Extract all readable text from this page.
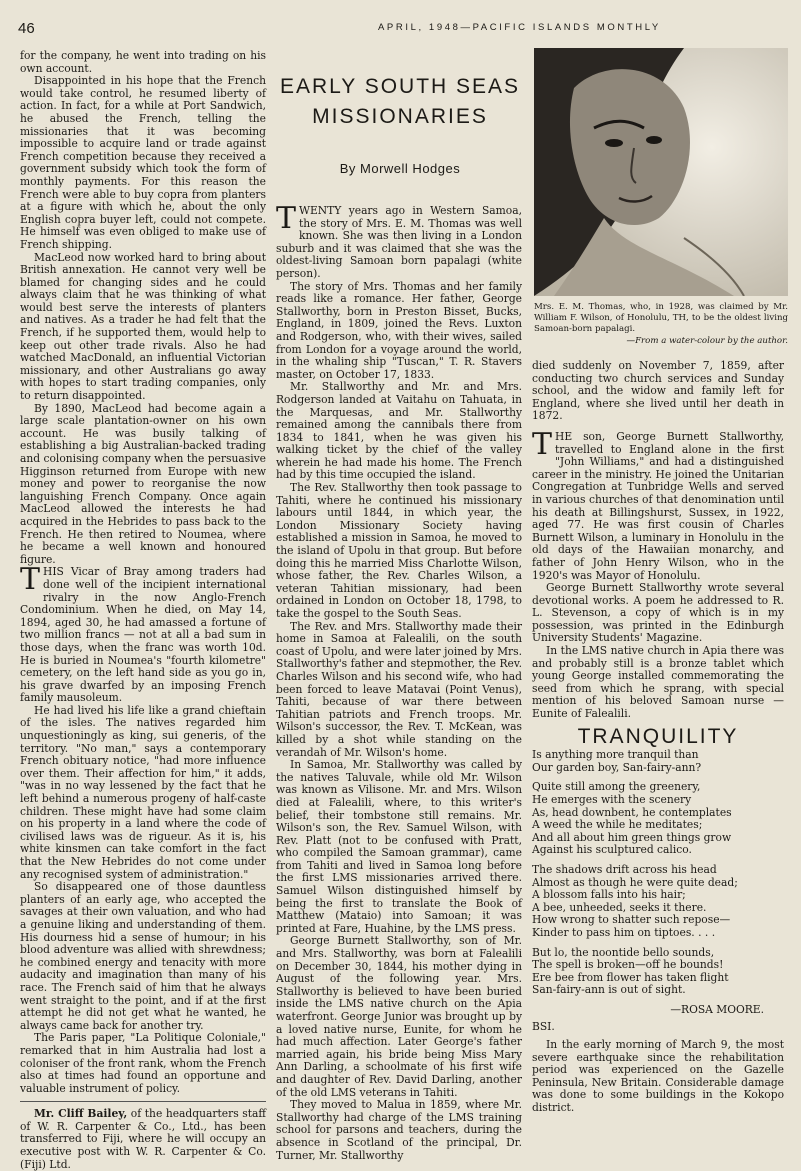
46	APRIL, 1948—PACIFIC ISLANDS MONTHLY

for the company, he went into trading on his own account.

Disappointed in his hope that the French would take control, he resumed liberty of action. In fact, for a while at Port Sandwich, he abused the French, telling the missionaries that it was becoming impossible to acquire land or trade against French competition because they received a government subsidy which took the form of monthly payments. For this reason the French were able to buy copra from planters at a figure with which he, about the only English copra buyer left, could not compete. He himself was even obliged to make use of French shipping.

MacLeod now worked hard to bring about British annexation. He cannot very well be blamed for changing sides and he could always claim that he was thinking of what would best serve the interests of planters and natives. As a trader he had felt that the French, if he supported them, would help to keep out other trade rivals. Also he had watched MacDonald, an influential Victorian missionary, and other Australians go away with hopes to start trading companies, only to return disappointed.

By 1890, MacLeod had become again a large scale plantation-owner on his own account. He was busily talking of establishing a big Australian-backed trading and colonising company when the persuasive Higginson returned from Europe with new money and power to reorganise the now languishing French Company. Once again MacLeod allowed the interests he had acquired in the Hebrides to pass back to the French. He then retired to Noumea, where he became a well known and honoured figure.

THIS Vicar of Bray among traders had done well of the incipient international rivalry in the now Anglo-French Condominium. When he died, on May 14, 1894, aged 30, he had amassed a fortune of two million francs — not at all a bad sum in those days, when the franc was worth 10d. He is buried in Noumea's "fourth kilometre" cemetery, on the left hand side as you go in, his grave dwarfed by an imposing French family mausoleum.

He had lived his life like a grand chieftain of the isles. The natives regarded him unquestioningly as king, sui generis, of the territory. "No man," says a contemporary French obituary notice, "had more influence over them. Their affection for him," it adds, "was in no way lessened by the fact that he left behind a numerous progeny of half-caste children. These might have had some claim on his property in a land where the code of civilised laws was de rigueur. As it is, his white kinsmen can take comfort in the fact that the New Hebrides do not come under any recognised system of administration."

So disappeared one of those dauntless planters of an early age, who accepted the savages at their own valuation, and who had a genuine liking and understanding of them. His dourness hid a sense of humour; in his blood adventure was allied with shrewdness; he combined energy and tenacity with more audacity and imagination than many of his race. The French said of him that he always went straight to the point, and if at the first attempt he did not get what he wanted, he always came back for another try.

The Paris paper, "La Politique Coloniale," remarked that in him Australia had lost a coloniser of the front rank, whom the French also at times had found an opportune and valuable instrument of policy.

Mr. Cliff Bailey, of the headquarters staff of W. R. Carpenter & Co., Ltd., has been transferred to Fiji, where he will occupy an executive post with W. R. Carpenter & Co. (Fiji) Ltd.

EARLY SOUTH SEAS MISSIONARIES
By Morwell Hodges

TWENTY years ago in Western Samoa, the story of Mrs. E. M. Thomas was well known. She was then living in a London suburb and it was claimed that she was the oldest-living Samoan born papalagi (white person).

The story of Mrs. Thomas and her family reads like a romance. Her father, George Stallworthy, born in Preston Bisset, Bucks, England, in 1809, joined the Revs. Luxton and Rodgerson, who, with their wives, sailed from London for a voyage around the world, in the whaling ship "Tuscan," T. R. Stavers master, on October 17, 1833.

Mr. Stallworthy and Mr. and Mrs. Rodgerson landed at Vaitahu on Tahuata, in the Marquesas, and Mr. Stallworthy remained among the cannibals there from 1834 to 1841, when he was given his walking ticket by the chief of the valley wherein he had made his home. The French had by this time occupied the island.

The Rev. Stallworthy then took passage to Tahiti, where he continued his missionary labours until 1844, in which year, the London Missionary Society having established a mission in Samoa, he moved to the island of Upolu in that group. But before doing this he married Miss Charlotte Wilson, whose father, the Rev. Charles Wilson, a veteran Tahitian missionary, had been ordained in London on October 18, 1798, to take the gospel to the South Seas.

The Rev. and Mrs. Stallworthy made their home in Samoa at Falealili, on the south coast of Upolu, and were later joined by Mrs. Stallworthy's father and stepmother, the Rev. Charles Wilson and his second wife, who had been forced to leave Matavai (Point Venus), Tahiti, because of war there between Tahitian patriots and French troops. Mr. Wilson's successor, the Rev. T. McKean, was killed by a shot while standing on the verandah of Mr. Wilson's home.

In Samoa, Mr. Stallworthy was called by the natives Taluvale, while old Mr. Wilson was known as Vilisone. Mr. and Mrs. Wilson died at Falealili, where, to this writer's belief, their tombstone still remains. Mr. Wilson's son, the Rev. Samuel Wilson, with Rev. Platt (not to be confused with Pratt, who compiled the Samoan grammar), came from Tahiti and lived in Samoa long before the first LMS missionaries arrived there. Samuel Wilson distinguished himself by being the first to translate the Book of Matthew (Mataio) into Samoan; it was printed at Fare, Huahine, by the LMS press.

George Burnett Stallworthy, son of Mr. and Mrs. Stallworthy, was born at Falealili on December 30, 1844, his mother dying in August of the following year. Mrs. Stallworthy is believed to have been buried inside the LMS native church on the Apia waterfront. George Junior was brought up by a loved native nurse, Eunite, for whom he had much affection. Later George's father married again, his bride being Miss Mary Ann Darling, a schoolmate of his first wife and daughter of Rev. David Darling, another of the old LMS veterans in Tahiti.

They moved to Malua in 1859, where Mr. Stallworthy had charge of the LMS training school for parsons and teachers, during the absence in Scotland of the principal, Dr. Turner, Mr. Stallworthy

Mrs. E. M. Thomas, who, in 1928, was claimed by Mr. William F. Wilson, of Honolulu, TH, to be the oldest living Samoan-born papalagi.
—From a water-colour by the author.

died suddenly on November 7, 1859, after conducting two church services and Sunday school, and the widow and family left for England, where she lived until her death in 1872.

THE son, George Burnett Stallworthy, travelled to England alone in the first "John Williams," and had a distinguished career in the ministry. He joined the Unitarian Congregation at Tunbridge Wells and served in various churches of that denomination until his death at Billingshurst, Sussex, in 1922, aged 77. He was first cousin of Charles Burnett Wilson, a luminary in Honolulu in the old days of the Hawaiian monarchy, and father of John Henry Wilson, who in the 1920's was Mayor of Honolulu.

George Burnett Stallworthy wrote several devotional works. A poem he addressed to R. L. Stevenson, a copy of which is in my possession, was printed in the Edinburgh University Students' Magazine.

In the LMS native church in Apia there was and probably still is a bronze tablet which young George installed commemorating the seed from which he sprang, with special mention of his beloved Samoan nurse — Eunite of Falealili.

TRANQUILITY

Is anything more tranquil than

Our garden boy, San-fairy-ann?

Quite still among the greenery,

He emerges with the scenery

As, head downbent, he contemplates

A weed the while he meditates;

And all about him green things grow

Against his sculptured calico.

The shadows drift across his head

Almost as though he were quite dead;

A blossom falls into his hair;

A bee, unheeded, seeks it there.

How wrong to shatter such repose—

Kinder to pass him on tiptoes. . . .

But lo, the noontide bello sounds,

The spell is broken—off he bounds!

Ere bee from flower has taken flight

San-fairy-ann is out of sight.

—ROSA MOORE.

BSI.

In the early morning of March 9, the most severe earthquake since the rehabilitation period was experienced on the Gazelle Peninsula, New Britain. Considerable damage was done to some buildings in the Kokopo district.
